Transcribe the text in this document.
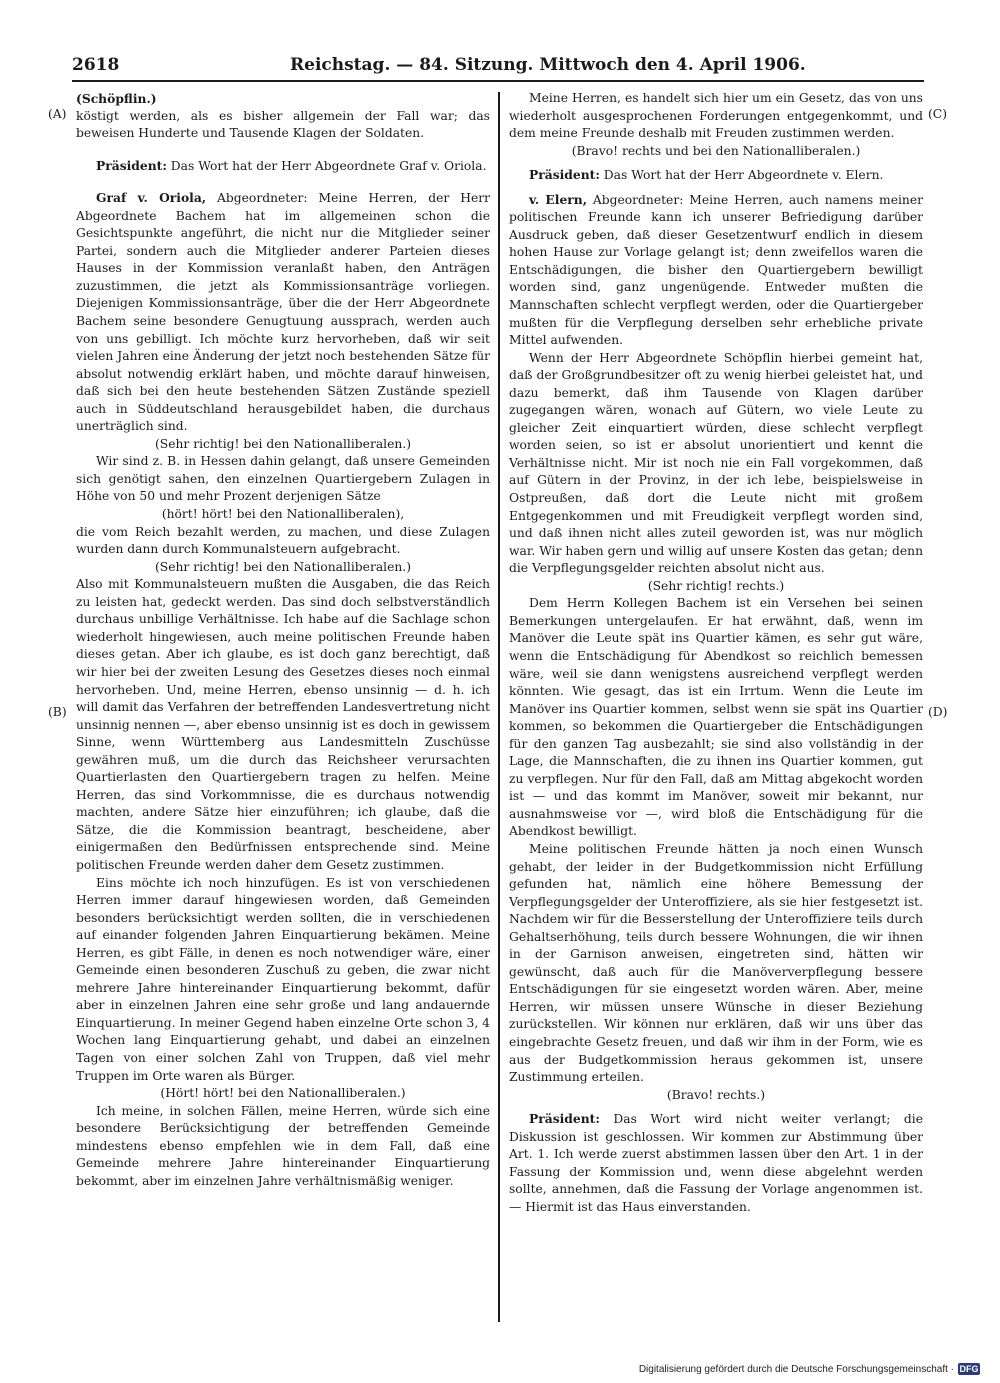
2618	Reichstag. — 84. Sitzung. Mittwoch den 4. April 1906.
(A)
(B)
(C)
(D)

(Schöpflin.)

köstigt werden, als es bisher allgemein der Fall war; das beweisen Hunderte und Tausende Klagen der Soldaten.

Präsident: Das Wort hat der Herr Abgeordnete Graf v. Oriola.

Graf v. Oriola, Abgeordneter: Meine Herren, der Herr Abgeordnete Bachem hat im allgemeinen schon die Gesichtspunkte angeführt, die nicht nur die Mitglieder seiner Partei, sondern auch die Mitglieder anderer Parteien dieses Hauses in der Kommission veranlaßt haben, den Anträgen zuzustimmen, die jetzt als Kommissionsanträge vorliegen. Diejenigen Kommissionsanträge, über die der Herr Abgeordnete Bachem seine besondere Genugtuung aussprach, werden auch von uns gebilligt. Ich möchte kurz hervorheben, daß wir seit vielen Jahren eine Änderung der jetzt noch bestehenden Sätze für absolut notwendig erklärt haben, und möchte darauf hinweisen, daß sich bei den heute bestehenden Sätzen Zustände speziell auch in Süddeutschland herausgebildet haben, die durchaus unerträglich sind.

(Sehr richtig! bei den Nationalliberalen.)

Wir sind z. B. in Hessen dahin gelangt, daß unsere Gemeinden sich genötigt sahen, den einzelnen Quartiergebern Zulagen in Höhe von 50 und mehr Prozent derjenigen Sätze

(hört! hört! bei den Nationalliberalen),

die vom Reich bezahlt werden, zu machen, und diese Zulagen wurden dann durch Kommunalsteuern aufgebracht.

(Sehr richtig! bei den Nationalliberalen.)

Also mit Kommunalsteuern mußten die Ausgaben, die das Reich zu leisten hat, gedeckt werden. Das sind doch selbstverständlich durchaus unbillige Verhältnisse. Ich habe auf die Sachlage schon wiederholt hingewiesen, auch meine politischen Freunde haben dieses getan. Aber ich glaube, es ist doch ganz berechtigt, daß wir hier bei der zweiten Lesung des Gesetzes dieses noch einmal hervorheben. Und, meine Herren, ebenso unsinnig — d. h. ich will damit das Verfahren der betreffenden Landesvertretung nicht unsinnig nennen —, aber ebenso unsinnig ist es doch in gewissem Sinne, wenn Württemberg aus Landesmitteln Zuschüsse gewähren muß, um die durch das Reichsheer verursachten Quartierlasten den Quartiergebern tragen zu helfen. Meine Herren, das sind Vorkommnisse, die es durchaus notwendig machten, andere Sätze hier einzuführen; ich glaube, daß die Sätze, die die Kommission beantragt, bescheidene, aber einigermaßen den Bedürfnissen entsprechende sind. Meine politischen Freunde werden daher dem Gesetz zustimmen.

Eins möchte ich noch hinzufügen. Es ist von verschiedenen Herren immer darauf hingewiesen worden, daß Gemeinden besonders berücksichtigt werden sollten, die in verschiedenen auf einander folgenden Jahren Einquartierung bekämen. Meine Herren, es gibt Fälle, in denen es noch notwendiger wäre, einer Gemeinde einen besonderen Zuschuß zu geben, die zwar nicht mehrere Jahre hintereinander Einquartierung bekommt, dafür aber in einzelnen Jahren eine sehr große und lang andauernde Einquartierung. In meiner Gegend haben einzelne Orte schon 3, 4 Wochen lang Einquartierung gehabt, und dabei an einzelnen Tagen von einer solchen Zahl von Truppen, daß viel mehr Truppen im Orte waren als Bürger.

(Hört! hört! bei den Nationalliberalen.)

Ich meine, in solchen Fällen, meine Herren, würde sich eine besondere Berücksichtigung der betreffenden Gemeinde mindestens ebenso empfehlen wie in dem Fall, daß eine Gemeinde mehrere Jahre hintereinander Einquartierung bekommt, aber im einzelnen Jahre verhältnismäßig weniger.

Meine Herren, es handelt sich hier um ein Gesetz, das von uns wiederholt ausgesprochenen Forderungen entgegenkommt, und dem meine Freunde deshalb mit Freuden zustimmen werden.

(Bravo! rechts und bei den Nationalliberalen.)

Präsident: Das Wort hat der Herr Abgeordnete v. Elern.

v. Elern, Abgeordneter: Meine Herren, auch namens meiner politischen Freunde kann ich unserer Befriedigung darüber Ausdruck geben, daß dieser Gesetzentwurf endlich in diesem hohen Hause zur Vorlage gelangt ist; denn zweifellos waren die Entschädigungen, die bisher den Quartiergebern bewilligt worden sind, ganz ungenügende. Entweder mußten die Mannschaften schlecht verpflegt werden, oder die Quartiergeber mußten für die Verpflegung derselben sehr erhebliche private Mittel aufwenden.

Wenn der Herr Abgeordnete Schöpflin hierbei gemeint hat, daß der Großgrundbesitzer oft zu wenig hierbei geleistet hat, und dazu bemerkt, daß ihm Tausende von Klagen darüber zugegangen wären, wonach auf Gütern, wo viele Leute zu gleicher Zeit einquartiert würden, diese schlecht verpflegt worden seien, so ist er absolut unorientiert und kennt die Verhältnisse nicht. Mir ist noch nie ein Fall vorgekommen, daß auf Gütern in der Provinz, in der ich lebe, beispielsweise in Ostpreußen, daß dort die Leute nicht mit großem Entgegenkommen und mit Freudigkeit verpflegt worden sind, und daß ihnen nicht alles zuteil geworden ist, was nur möglich war. Wir haben gern und willig auf unsere Kosten das getan; denn die Verpflegungsgelder reichten absolut nicht aus.

(Sehr richtig! rechts.)

Dem Herrn Kollegen Bachem ist ein Versehen bei seinen Bemerkungen untergelaufen. Er hat erwähnt, daß, wenn im Manöver die Leute spät ins Quartier kämen, es sehr gut wäre, wenn die Entschädigung für Abendkost so reichlich bemessen wäre, weil sie dann wenigstens ausreichend verpflegt werden könnten. Wie gesagt, das ist ein Irrtum. Wenn die Leute im Manöver ins Quartier kommen, selbst wenn sie spät ins Quartier kommen, so bekommen die Quartiergeber die Entschädigungen für den ganzen Tag ausbezahlt; sie sind also vollständig in der Lage, die Mannschaften, die zu ihnen ins Quartier kommen, gut zu verpflegen. Nur für den Fall, daß am Mittag abgekocht worden ist — und das kommt im Manöver, soweit mir bekannt, nur ausnahmsweise vor —, wird bloß die Entschädigung für die Abendkost bewilligt.

Meine politischen Freunde hätten ja noch einen Wunsch gehabt, der leider in der Budgetkommission nicht Erfüllung gefunden hat, nämlich eine höhere Bemessung der Verpflegungsgelder der Unteroffiziere, als sie hier festgesetzt ist. Nachdem wir für die Besserstellung der Unteroffiziere teils durch Gehaltserhöhung, teils durch bessere Wohnungen, die wir ihnen in der Garnison anweisen, eingetreten sind, hätten wir gewünscht, daß auch für die Manöververpflegung bessere Entschädigungen für sie eingesetzt worden wären. Aber, meine Herren, wir müssen unsere Wünsche in dieser Beziehung zurückstellen. Wir können nur erklären, daß wir uns über das eingebrachte Gesetz freuen, und daß wir ihm in der Form, wie es aus der Budgetkommission heraus gekommen ist, unsere Zustimmung erteilen.

(Bravo! rechts.)

Präsident: Das Wort wird nicht weiter verlangt; die Diskussion ist geschlossen. Wir kommen zur Abstimmung über Art. 1. Ich werde zuerst abstimmen lassen über den Art. 1 in der Fassung der Kommission und, wenn diese abgelehnt werden sollte, annehmen, daß die Fassung der Vorlage angenommen ist. — Hiermit ist das Haus einverstanden.

Digitalisierung gefördert durch die Deutsche Forschungsgemeinschaft · DFG
